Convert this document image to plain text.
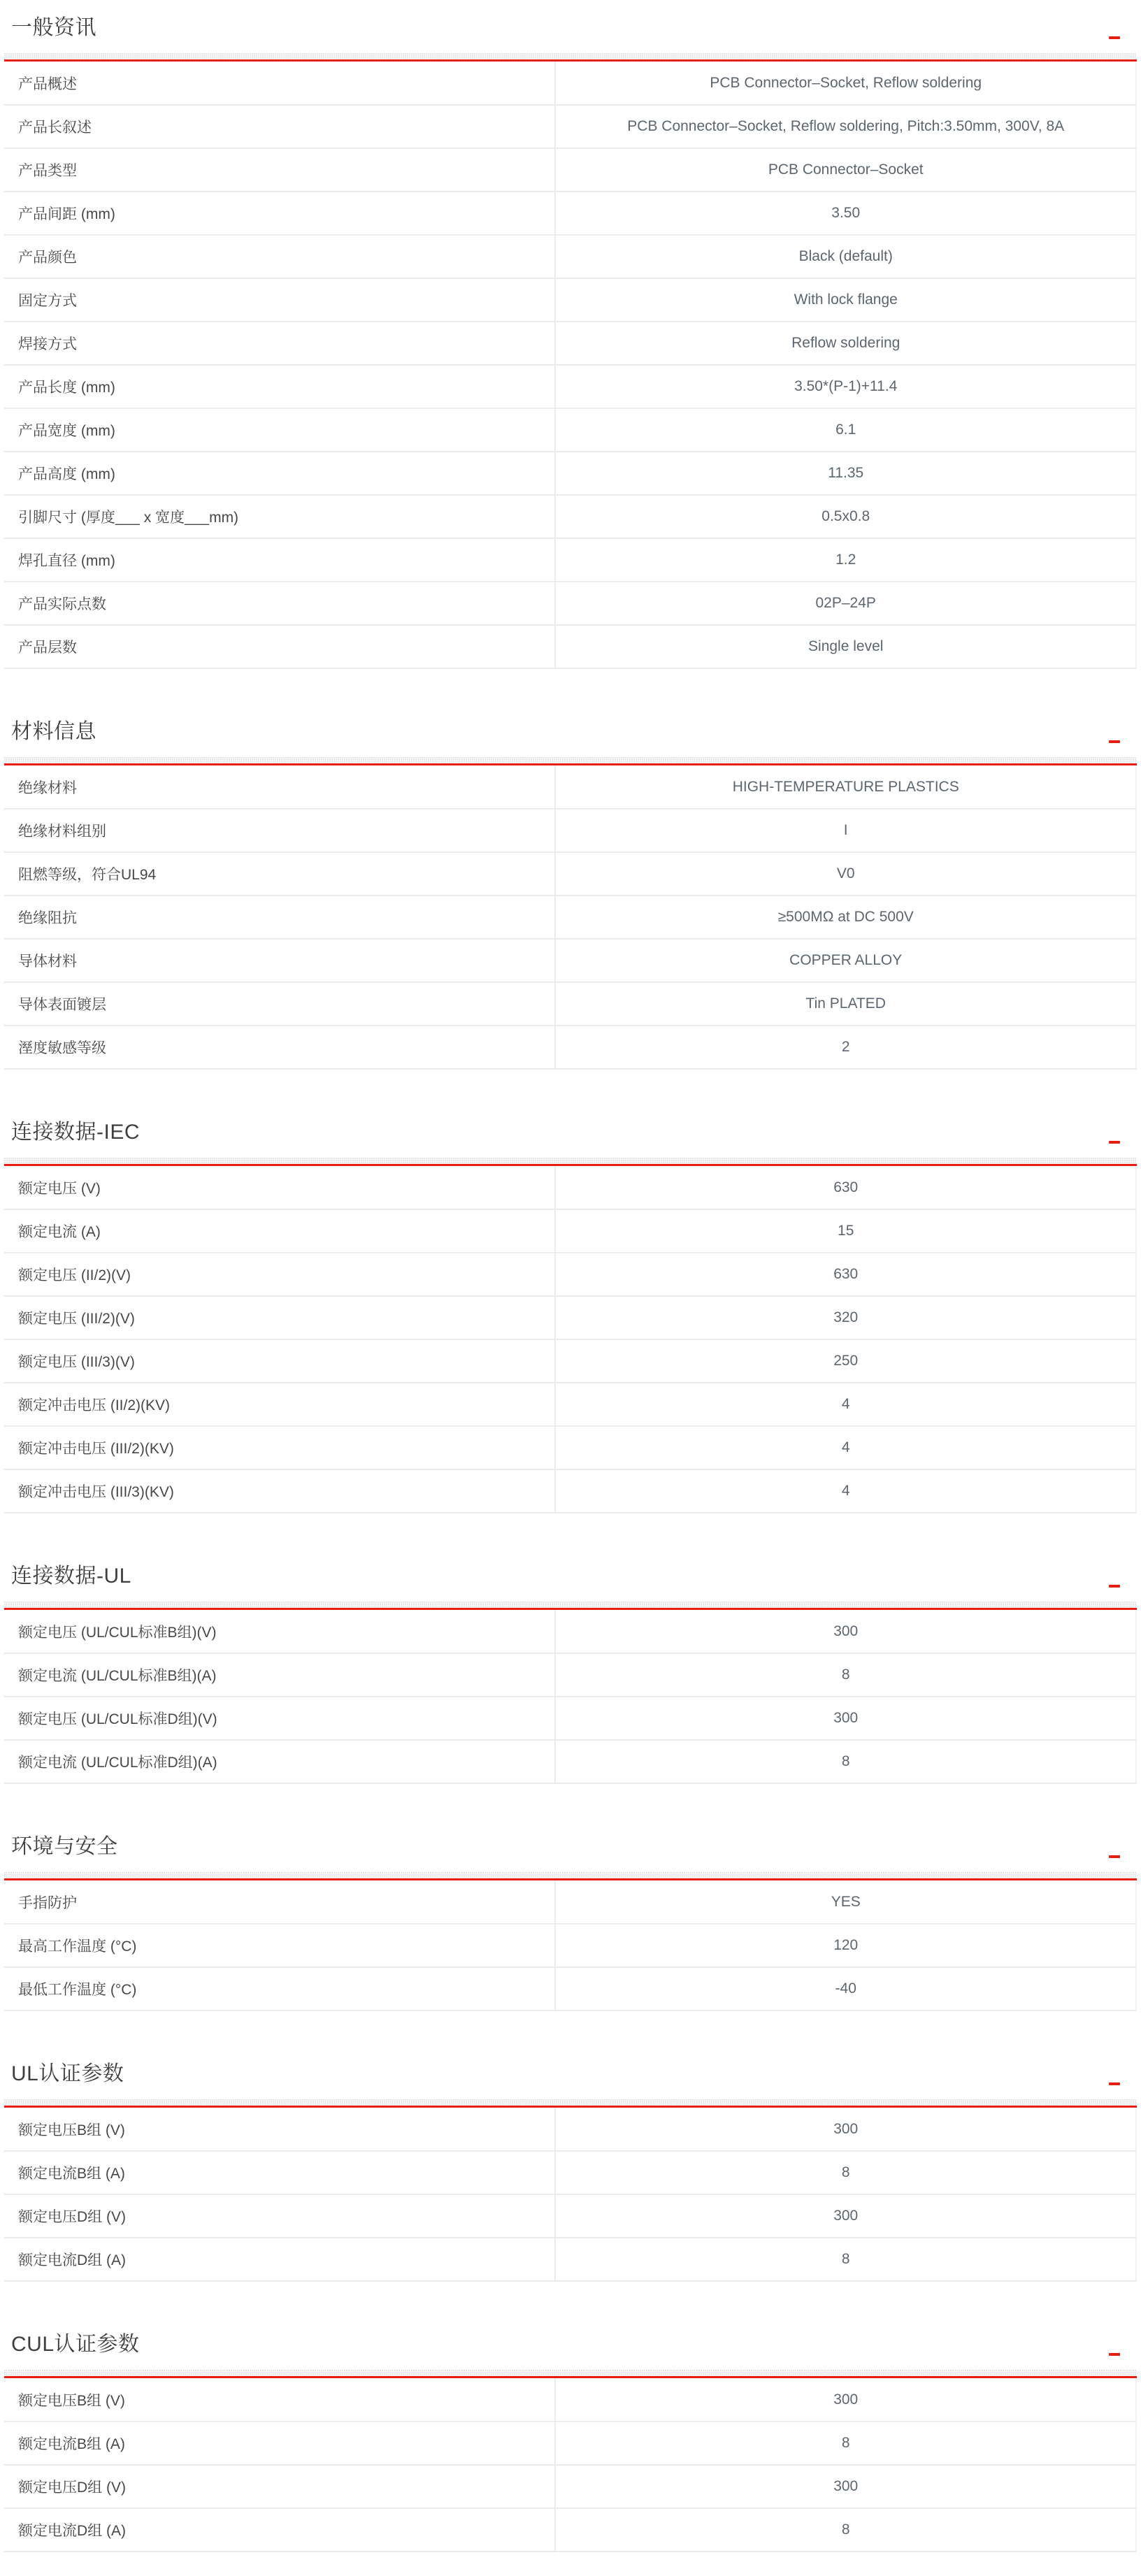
一般资讯
产品概述	PCB Connector–Socket, Reflow soldering
产品长叙述	PCB Connector–Socket, Reflow soldering, Pitch:3.50mm, 300V, 8A
产品类型	PCB Connector–Socket
产品间距 (mm)	3.50
产品颜色	Black (default)
固定方式	With lock flange
焊接方式	Reflow soldering
产品长度 (mm)	3.50*(P-1)+11.4
产品宽度 (mm)	6.1
产品高度 (mm)	11.35
引脚尺寸 (厚度___ x 宽度___mm)	0.5x0.8
焊孔直径 (mm)	1.2
产品实际点数	02P–24P
产品层数	Single level
材料信息
绝缘材料	HIGH-TEMPERATURE PLASTICS
绝缘材料组别	I
阻燃等级，符合UL94	V0
绝缘阻抗	≥500MΩ at DC 500V
导体材料	COPPER ALLOY
导体表面镀层	Tin PLATED
溼度敏感等级	2
连接数据-IEC
额定电压 (V)	630
额定电流 (A)	15
额定电压 (II/2)(V)	630
额定电压 (III/2)(V)	320
额定电压 (III/3)(V)	250
额定冲击电压 (II/2)(KV)	4
额定冲击电压 (III/2)(KV)	4
额定冲击电压 (III/3)(KV)	4
连接数据-UL
额定电压 (UL/CUL标准B组)(V)	300
额定电流 (UL/CUL标准B组)(A)	8
额定电压 (UL/CUL标准D组)(V)	300
额定电流 (UL/CUL标准D组)(A)	8
环境与安全
手指防护	YES
最高工作温度 (°C)	120
最低工作温度 (°C)	-40
UL认证参数
额定电压B组 (V)	300
额定电流B组 (A)	8
额定电压D组 (V)	300
额定电流D组 (A)	8
CUL认证参数
额定电压B组 (V)	300
额定电流B组 (A)	8
额定电压D组 (V)	300
额定电流D组 (A)	8
